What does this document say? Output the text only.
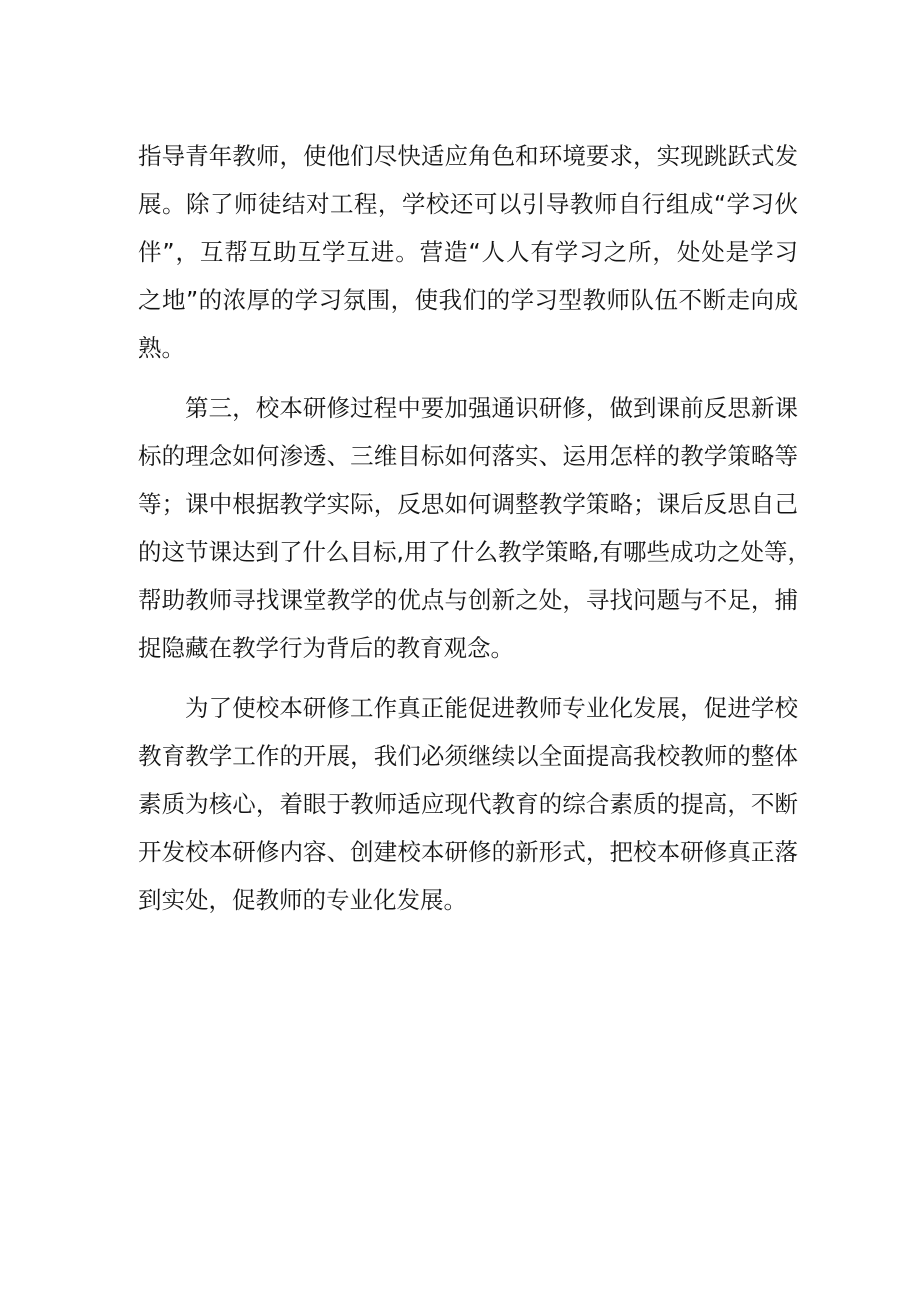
指导青年教师，使他们尽快适应角色和环境要求，实现跳跃式发
展。除了师徒结对工程，学校还可以引导教师自行组成“学习伙
伴”，互帮互助互学互进。营造“人人有学习之所，处处是学习
之地”的浓厚的学习氛围，使我们的学习型教师队伍不断走向成
熟。

第三，校本研修过程中要加强通识研修，做到课前反思新课
标的理念如何渗透、三维目标如何落实、运用怎样的教学策略等
等；课中根据教学实际，反思如何调整教学策略；课后反思自己
的这节课达到了什么目标,用了什么教学策略,有哪些成功之处等，
帮助教师寻找课堂教学的优点与创新之处，寻找问题与不足，捕
捉隐藏在教学行为背后的教育观念。

为了使校本研修工作真正能促进教师专业化发展，促进学校
教育教学工作的开展，我们必须继续以全面提高我校教师的整体
素质为核心，着眼于教师适应现代教育的综合素质的提高，不断
开发校本研修内容、创建校本研修的新形式，把校本研修真正落
到实处，促教师的专业化发展。
